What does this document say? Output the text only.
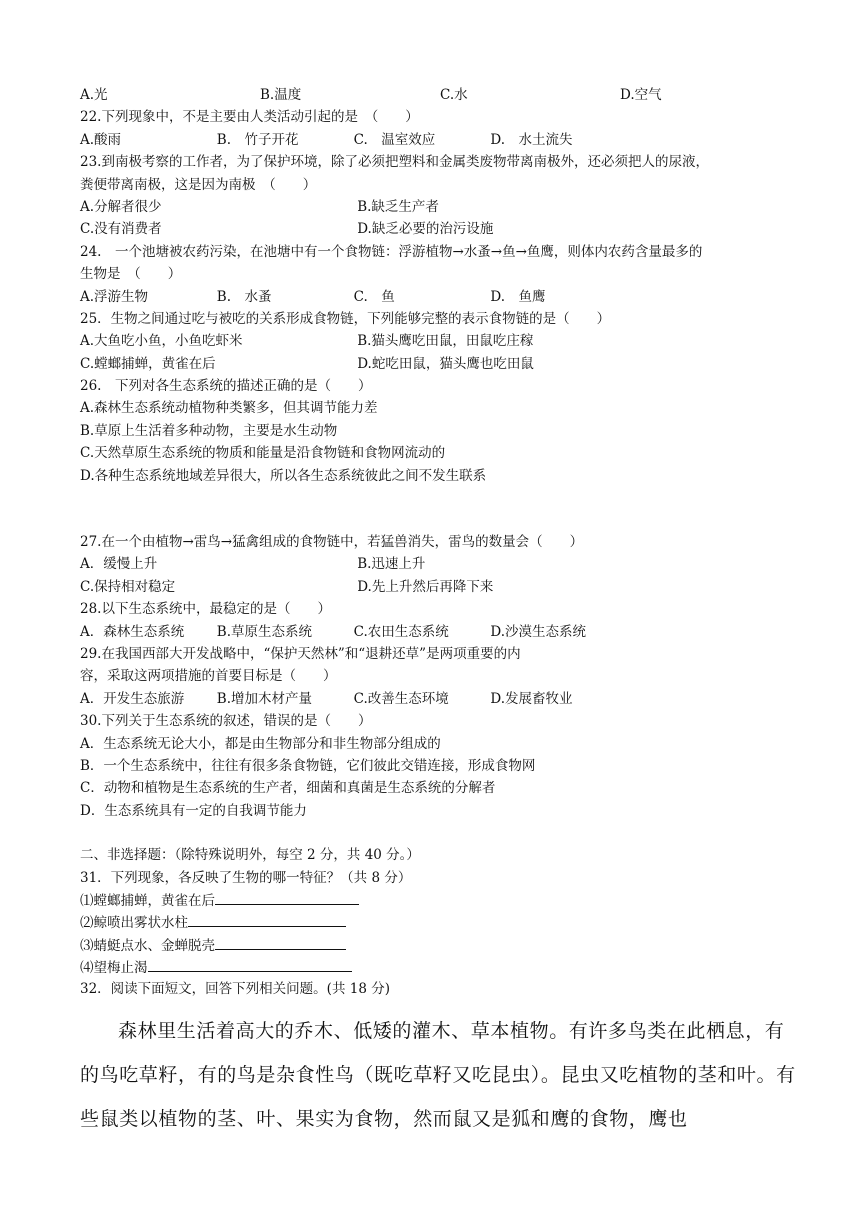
A.光	B.温度	C.水	D.空气
22.下列现象中，不是主要由人类活动引起的是　（　　）
A.酸雨	B.　竹子开花	C.　温室效应	D.　水土流失
23.到南极考察的工作者，为了保护环境，除了必须把塑料和金属类废物带离南极外，还必须把人的尿液，
粪便带离南极，这是因为南极　（　　）
A.分解者很少	B.缺乏生产者
C.没有消费者	D.缺乏必要的治污设施
24.　一个池塘被农药污染，在池塘中有一个食物链：浮游植物→水蚤→鱼→鱼鹰，则体内农药含量最多的
生物是　（　　）
A.浮游生物	B.　水蚤	C.　鱼	D.　鱼鹰
25．生物之间通过吃与被吃的关系形成食物链，下列能够完整的表示食物链的是（　　）
A.大鱼吃小鱼，小鱼吃虾米	B.猫头鹰吃田鼠，田鼠吃庄稼
C.螳螂捕蝉，黄雀在后	D.蛇吃田鼠，猫头鹰也吃田鼠
26.　下列对各生态系统的描述正确的是（　　）
A.森林生态系统动植物种类繁多，但其调节能力差
B.草原上生活着多种动物，主要是水生动物
C.天然草原生态系统的物质和能量是沿食物链和食物网流动的
D.各种生态系统地域差异很大，所以各生态系统彼此之间不发生联系
27.在一个由植物→雷鸟→猛禽组成的食物链中，若猛兽消失，雷鸟的数量会（　　）
A．缓慢上升	B.迅速上升
C.保持相对稳定	D.先上升然后再降下来
28.以下生态系统中，最稳定的是（　　）
A．森林生态系统	B.草原生态系统	C.农田生态系统	D.沙漠生态系统
29.在我国西部大开发战略中，“保护天然林”和“退耕还草”是两项重要的内
容，采取这两项措施的首要目标是（　　）
A．开发生态旅游	B.增加木材产量	C.改善生态环境	D.发展畜牧业
30.下列关于生态系统的叙述，错误的是（　　）
A．生态系统无论大小，都是由生物部分和非生物部分组成的
B．一个生态系统中，往往有很多条食物链，它们彼此交错连接，形成食物网
C．动物和植物是生态系统的生产者，细菌和真菌是生态系统的分解者
D．生态系统具有一定的自我调节能力
二、非选择题：（除特殊说明外，每空 2 分，共 40 分。）
31．下列现象，各反映了生物的哪一特征？（共 8 分）
⑴螳螂捕蝉，黄雀在后
⑵鲸喷出雾状水柱
⑶蜻蜓点水、金蝉脱壳
⑷望梅止渴
32．阅读下面短文，回答下列相关问题。(共 18 分)

森林里生活着高大的乔木、低矮的灌木、草本植物。有许多鸟类在此栖息，有的鸟吃草籽，有的鸟是杂食性鸟（既吃草籽又吃昆虫）。昆虫又吃植物的茎和叶。有些鼠类以植物的茎、叶、果实为食物，然而鼠又是狐和鹰的食物，鹰也
